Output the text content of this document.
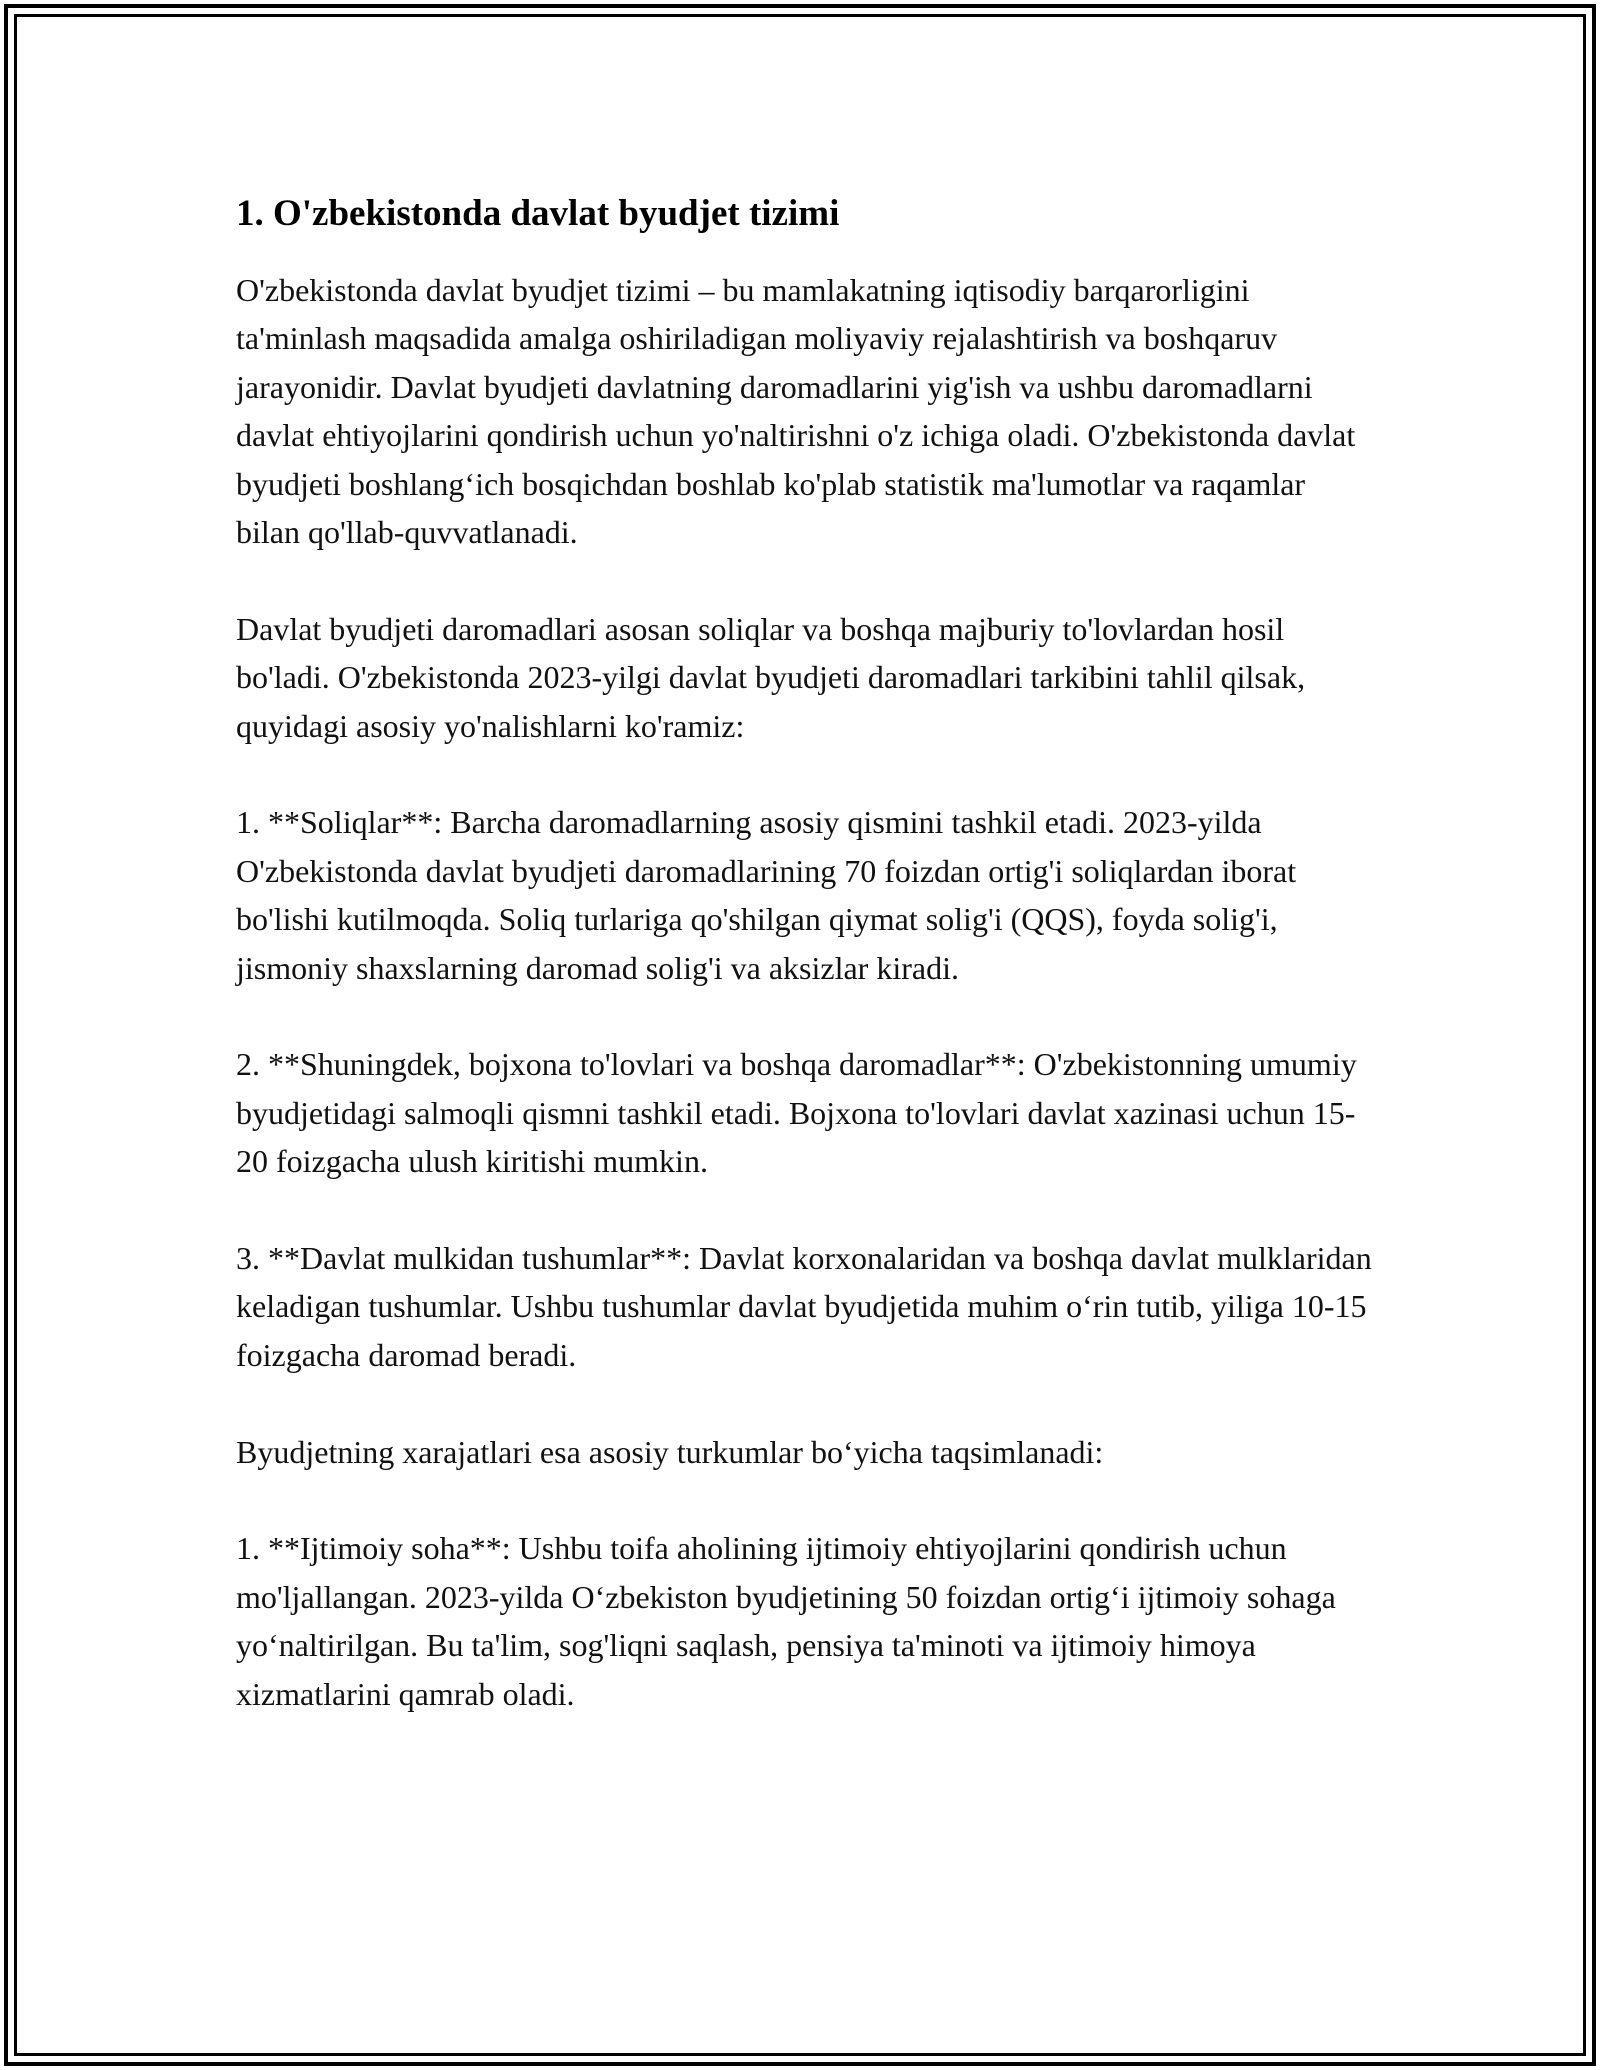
1. O'zbekistonda davlat byudjet tizimi

O'zbekistonda davlat byudjet tizimi – bu mamlakatning iqtisodiy barqarorligini ta'minlash maqsadida amalga oshiriladigan moliyaviy rejalashtirish va boshqaruv jarayonidir. Davlat byudjeti davlatning daromadlarini yig'ish va ushbu daromadlarni davlat ehtiyojlarini qondirish uchun yo'naltirishni o'z ichiga oladi. O'zbekistonda davlat byudjeti boshlang‘ich bosqichdan boshlab ko'plab statistik ma'lumotlar va raqamlar bilan qo'llab-quvvatlanadi.

Davlat byudjeti daromadlari asosan soliqlar va boshqa majburiy to'lovlardan hosil bo'ladi. O'zbekistonda 2023-yilgi davlat byudjeti daromadlari tarkibini tahlil qilsak, quyidagi asosiy yo'nalishlarni ko'ramiz:

1. **Soliqlar**: Barcha daromadlarning asosiy qismini tashkil etadi. 2023-yilda O'zbekistonda davlat byudjeti daromadlarining 70 foizdan ortig'i soliqlardan iborat bo'lishi kutilmoqda. Soliq turlariga qo'shilgan qiymat solig'i (QQS), foyda solig'i, jismoniy shaxslarning daromad solig'i va aksizlar kiradi.

2. **Shuningdek, bojxona to'lovlari va boshqa daromadlar**: O'zbekistonning umumiy byudjetidagi salmoqli qismni tashkil etadi. Bojxona to'lovlari davlat xazinasi uchun 15-20 foizgacha ulush kiritishi mumkin.

3. **Davlat mulkidan tushumlar**: Davlat korxonalaridan va boshqa davlat mulklaridan keladigan tushumlar. Ushbu tushumlar davlat byudjetida muhim o‘rin tutib, yiliga 10-15 foizgacha daromad beradi.

Byudjetning xarajatlari esa asosiy turkumlar bo‘yicha taqsimlanadi:

1. **Ijtimoiy soha**: Ushbu toifa aholining ijtimoiy ehtiyojlarini qondirish uchun mo'ljallangan. 2023-yilda O‘zbekiston byudjetining 50 foizdan ortig‘i ijtimoiy sohaga yo‘naltirilgan. Bu ta'lim, sog'liqni saqlash, pensiya ta'minoti va ijtimoiy himoya xizmatlarini qamrab oladi.
